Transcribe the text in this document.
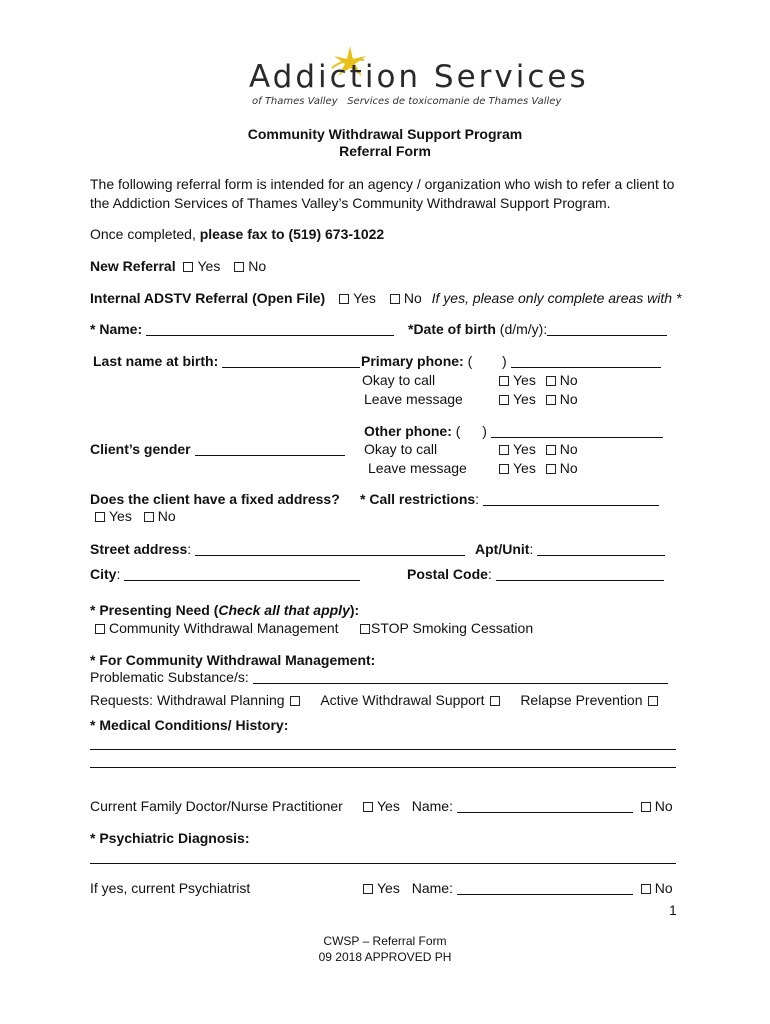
Addiction Services
of Thames Valley Services de toxicomanie de Thames Valley
Community Withdrawal Support Program
Referral Form
The following referral form is intended for an agency / organization who wish to refer a client to
the Addiction Services of Thames Valley’s Community Withdrawal Support Program.
Once completed, please fax to (519) 673-1022
New Referral Yes No
Internal ADSTV Referral (Open File) Yes No If yes, please only complete areas with *
* Name:	*Date of birth (d/m/y):
Last name at birth:	Primary phone: ( )
Okay to call	Yes No
Leave message	Yes No
Other phone: ( )
Client’s gender	Okay to call	Yes No
Leave message	Yes No
Does the client have a fixed address?
Yes No
* Call restrictions:
Street address:	Apt/Unit:
City:	Postal Code:
* Presenting Need (Check all that apply):
Community Withdrawal Management	STOP Smoking Cessation
* For Community Withdrawal Management:
Problematic Substance/s:
Requests: Withdrawal Planning	Active Withdrawal Support	Relapse Prevention
* Medical Conditions/ History:
Current Family Doctor/Nurse Practitioner	Yes Name:	No
* Psychiatric Diagnosis:
If yes, current Psychiatrist	Yes Name:	No
1
CWSP – Referral Form
09 2018 APPROVED PH
